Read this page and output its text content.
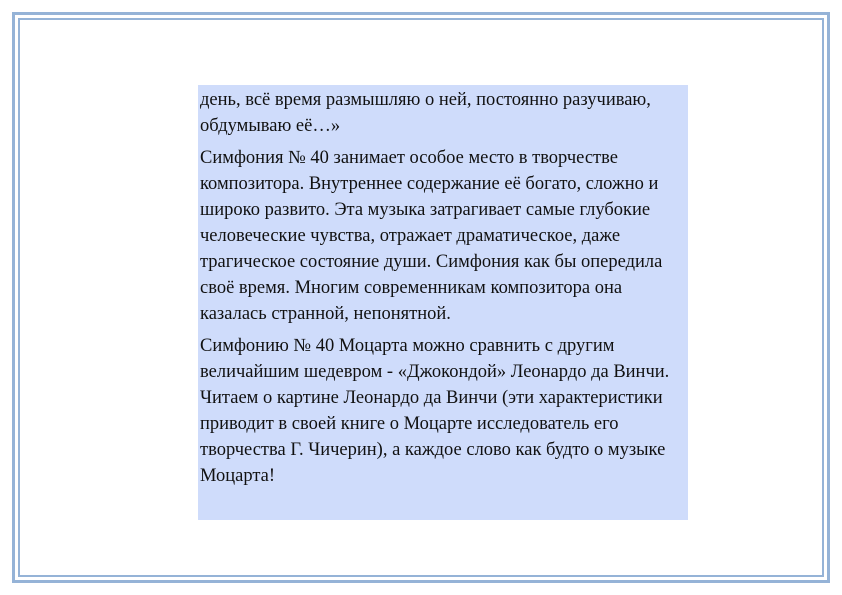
день, всё время размышляю о ней, постоянно разучиваю, обдумываю её…»

Симфония № 40 занимает особое место в творчестве композитора. Внутреннее содержание её богато, сложно и широко развито. Эта музыка затрагивает самые глубокие человеческие чувства, отражает драматическое, даже трагическое состояние души. Симфония как бы опередила своё время. Многим современникам композитора она казалась странной, непонятной.

Симфонию № 40 Моцарта можно сравнить с другим величайшим шедевром - «Джокондой» Леонардо да Винчи. Читаем о картине Леонардо да Винчи (эти характеристики приводит в своей книге о Моцарте исследователь его творчества Г. Чичерин), а каждое слово как будто о музыке Моцарта!
